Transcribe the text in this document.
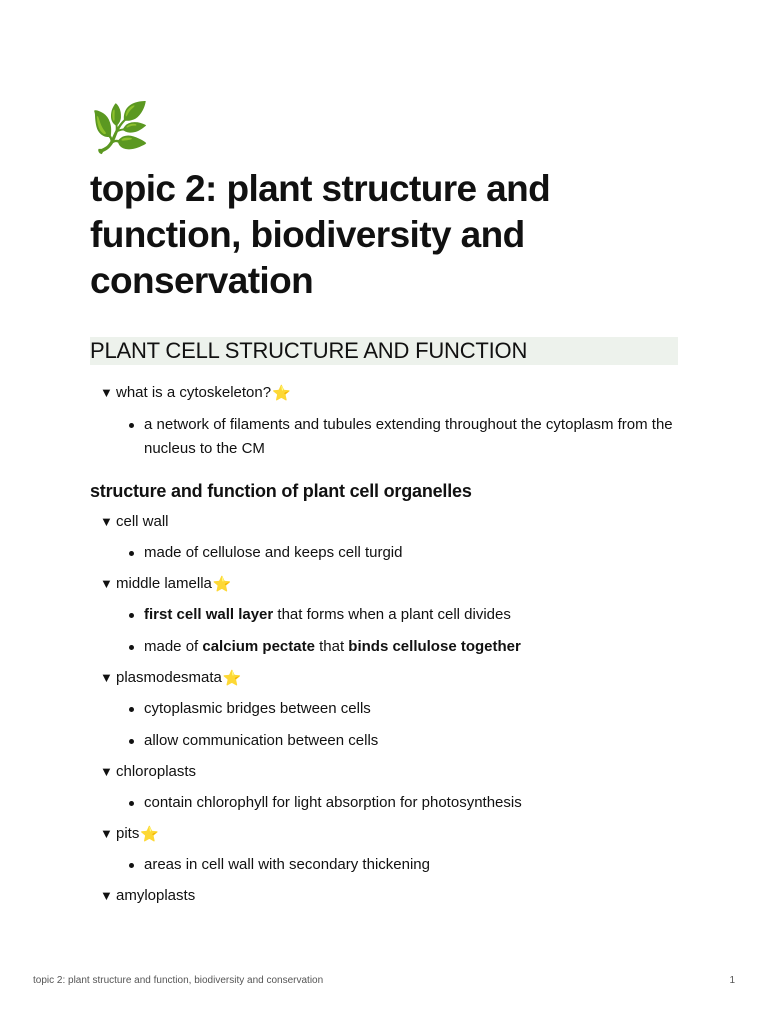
🌿
topic 2: plant structure and function, biodiversity and conservation
PLANT CELL STRUCTURE AND FUNCTION
▼ what is a cytoskeleton? ⭐
a network of filaments and tubules extending throughout the cytoplasm from the nucleus to the CM
structure and function of plant cell organelles
▼ cell wall
made of cellulose and keeps cell turgid
▼ middle lamella ⭐
first cell wall layer that forms when a plant cell divides
made of calcium pectate that binds cellulose together
▼ plasmodesmata ⭐
cytoplasmic bridges between cells
allow communication between cells
▼ chloroplasts
contain chlorophyll for light absorption for photosynthesis
▼ pits ⭐
areas in cell wall with secondary thickening
▼ amyloplasts
topic 2: plant structure and function, biodiversity and conservation	1
